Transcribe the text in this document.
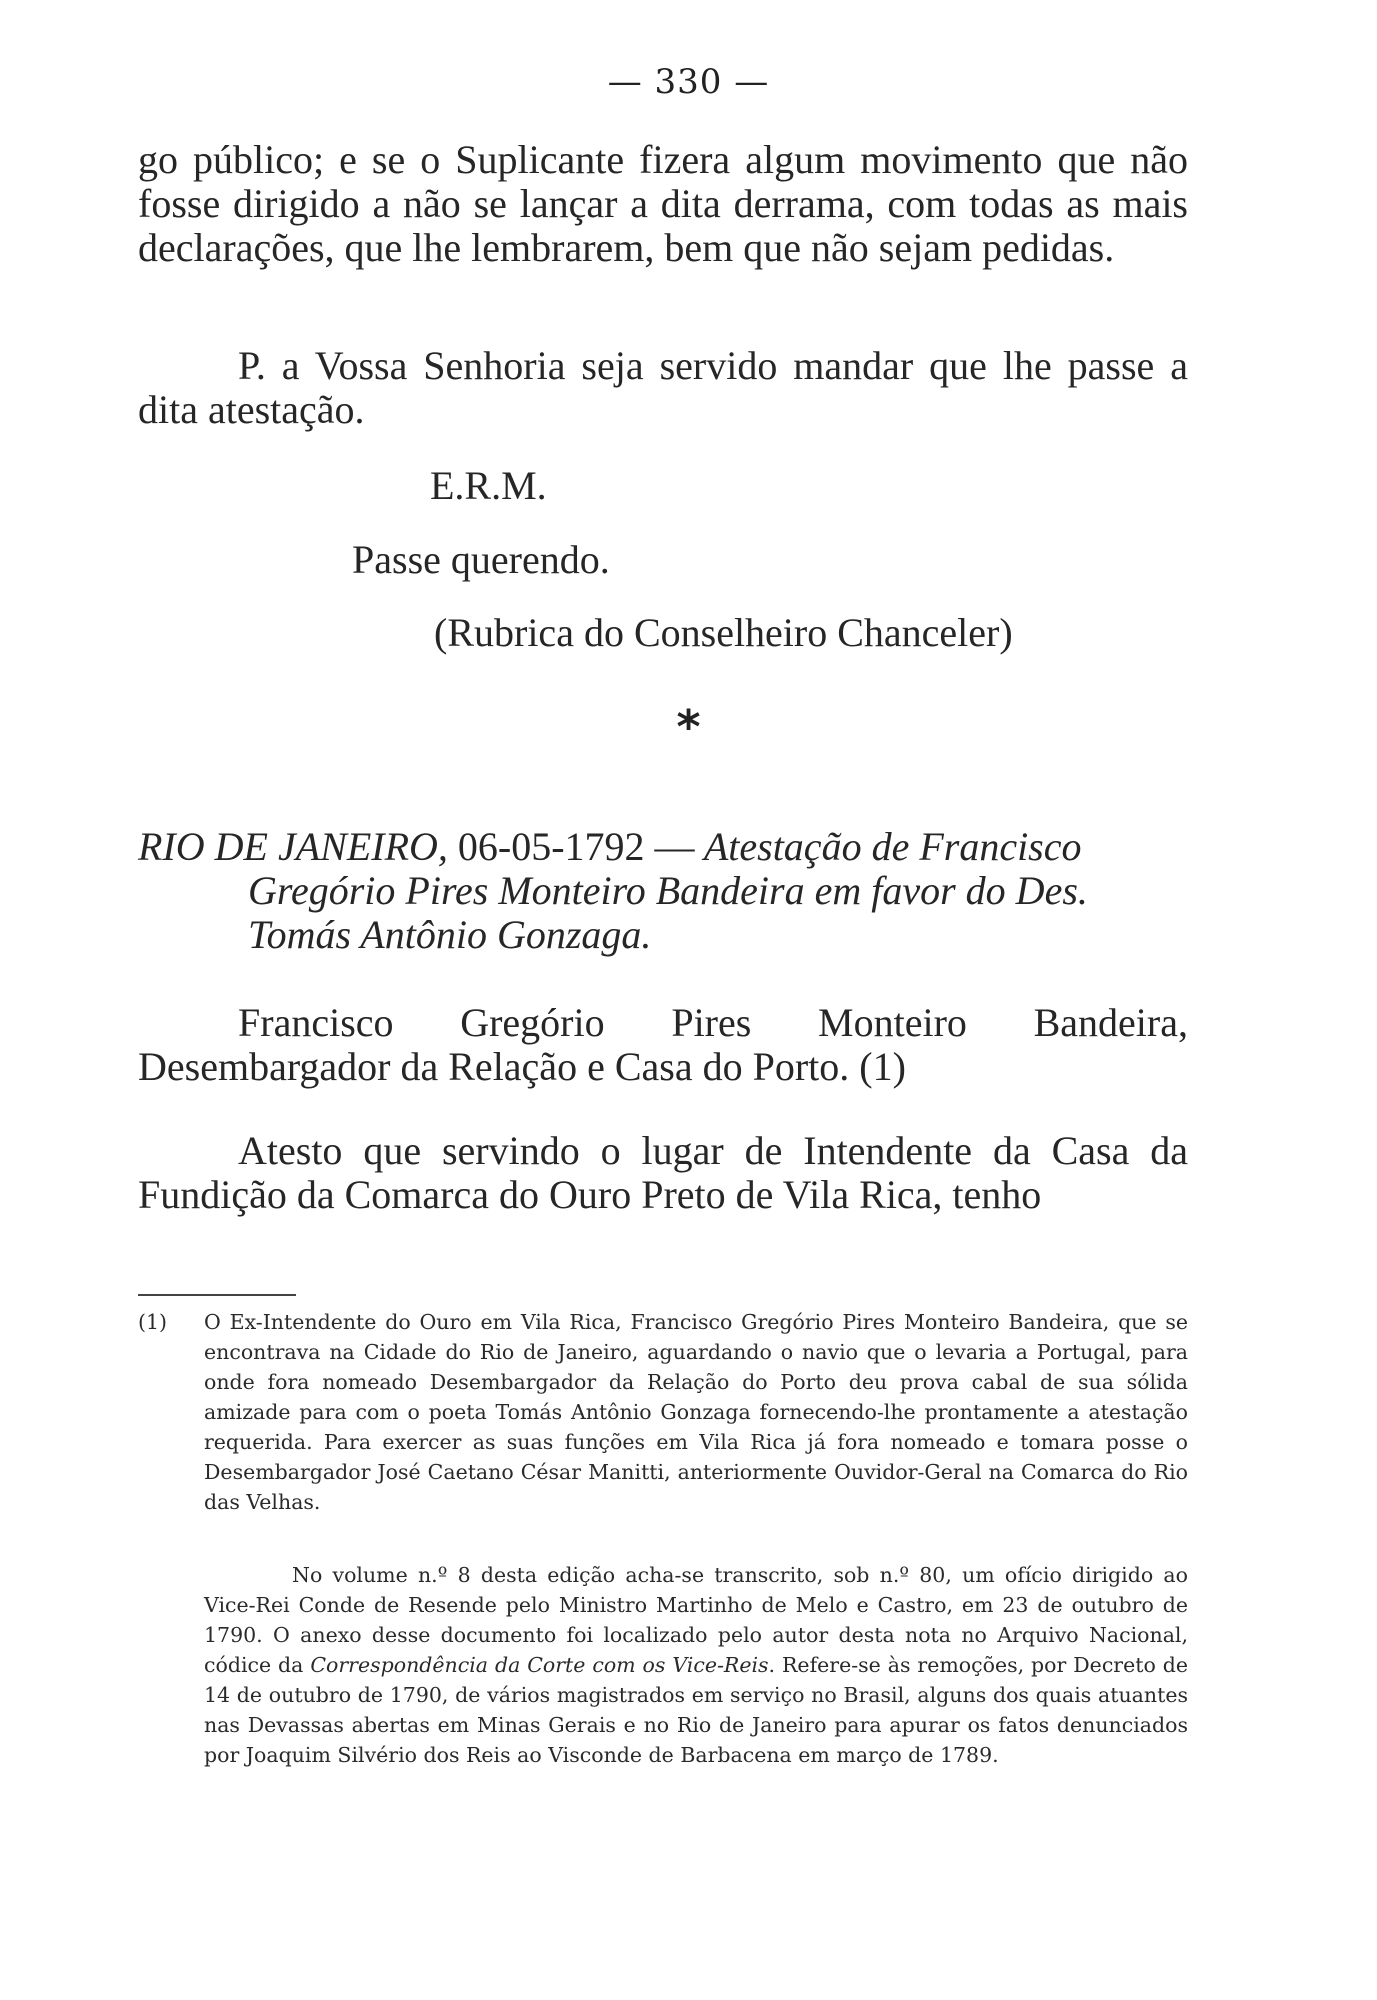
— 330 —

go público; e se o Suplicante fizera algum movimento que não fosse dirigido a não se lançar a dita derrama, com todas as mais declarações, que lhe lembrarem, bem que não sejam pedidas.

P. a Vossa Senhoria seja servido mandar que lhe passe a dita atestação.

E.R.M.

Passe querendo.

(Rubrica do Conselheiro Chanceler)

*
RIO DE JANEIRO, 06-05-1792 — Atestação de Francisco
Gregório Pires Monteiro Bandeira em favor do Des. Tomás Antônio Gonzaga.

Francisco Gregório Pires Monteiro Bandeira, Desembargador da Relação e Casa do Porto. (1)

Atesto que servindo o lugar de Intendente da Casa da Fundição da Comarca do Ouro Preto de Vila Rica, tenho

(1) O Ex-Intendente do Ouro em Vila Rica, Francisco Gregório Pires Monteiro Bandeira, que se encontrava na Cidade do Rio de Janeiro, aguardando o navio que o levaria a Portugal, para onde fora nomeado Desembargador da Relação do Porto deu prova cabal de sua sólida amizade para com o poeta Tomás Antônio Gonzaga fornecendo-lhe prontamente a atestação requerida. Para exercer as suas funções em Vila Rica já fora nomeado e tomara posse o Desembargador José Caetano César Manitti, anteriormente Ouvidor-Geral na Comarca do Rio das Velhas.

No volume n.º 8 desta edição acha-se transcrito, sob n.º 80, um ofício dirigido ao Vice-Rei Conde de Resende pelo Ministro Martinho de Melo e Castro, em 23 de outubro de 1790. O anexo desse documento foi localizado pelo autor desta nota no Arquivo Nacional, códice da Correspondência da Corte com os Vice-Reis. Refere-se às remoções, por Decreto de 14 de outubro de 1790, de vários magistrados em serviço no Brasil, alguns dos quais atuantes nas Devassas abertas em Minas Gerais e no Rio de Janeiro para apurar os fatos denunciados por Joaquim Silvério dos Reis ao Visconde de Barbacena em março de 1789.
